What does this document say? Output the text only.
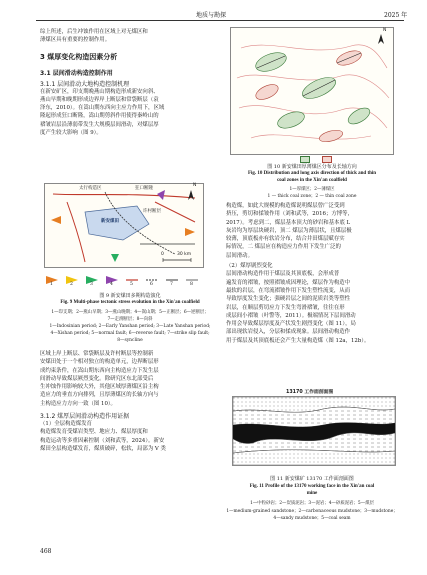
地质与勘探	2025 年
综上所述，后生冲蚀作用在区域上对无煤区和
薄煤区具有重要的控制作用。
3 煤厚变化构造因素分析
3.1 层间滑动构造控制作用
3.1.1 层间滑动大地构造控制机理
在新安矿区，印支期晚燕山期构造形成新安向斜、
燕山早期和晚期形成边界岸上断层和常袋断层（袁
泽东，2010）。在嵩山期东西向主应力作用下，区域
隆起形成狂口断隆，嵩山期剪斜作用使得秦岭山的
褶皱岩层沿薄弱带发生大规模层间滑动，对煤层厚
度产生较大影响（图 9）。
太行构造区	狂口断隆
许村断层
新安煤田
N
0	30 km
1	2	3	4	5	6	7	8
图 9 新安煤田多期构造演化
Fig. 9 Multi-phase tectonic stress evolution in the Xin'an coalfield
1—印支期；2—燕山早期；3—燕山晚期；4—嵩山期；5—正断层；6—逆断层；
7—走滑断层；8—向斜
1—Indosinian period; 2—Early Yanshan period; 3—Late Yanshan period;
4—Xishan period; 5—normal fault; 6—reverse fault; 7—strike slip fault;
8—syncline
区域上岸上断层、常袋断层及许村断层等控制新
安煤田处于一个相对独立的构造单元，边界断层形
成约束条件，在嵩山期东西向主构造应力下发生层
间滑动导致煤层厥烈变化。除研究区东北部受后
生冲蚀作用影响较大外，其他区域厚薄煤区沿主构
造应力的垂直方向排列，且厚薄煤区的长轴方向与
主构造应力方向一致（图 10）。
3.1.2 煤厚层间滑动构造作用证据
（1）全层构造煤发育
构造煤发育受煤岩类型、地应力、煤层厚度和
构造运动等多重因素控制（刘和武等，2024）。新安
煤田全层构造煤发育，煤质破碎，松软，局部为 V 类
468
N
图 10 新安煤田厚薄煤区分布及长轴方向
Fig. 10 Distribution and long axis direction of thick and thin
coal zones in the Xin'an coalfield
1—厚煤区；2—薄煤区
1 — thick coal zone；2 — thin coal zone
构造煤，如此大规模的构造煤说明煤层曾广泛受到
挤压，剪切和揉皱作用（刘和武等，2016；方博等，
2017）。考虑到二，煤层基本顶大的砂岩和基本底 L
灰岩均为厚层块硬岩，顶二 煤层为薄层状，且煤层极
较薄，顶底板亦有软岩分布，结合井田煤层赋存实
际情况，二 煤层应在构造应力作用下发生广泛的
层间滑动。
（2）煤厚剧烈变化
层间滑动构造作用于煤层及其顶底板，会形成普
遍发育的褶皱，按照褶皱成因理论，煤层作为构造中
最软的岩层，在弯流褶皱作用下发生塑性流变，从而
导致厚度发生变化；强硬岩层之间的泥质岩类等塑性
岩层，在顺层剪切应力下发生弯滑褶皱，往往在形
成层间小褶皱（叶警等，2011）。极端情况下层间滑动
作用会导致煤层厚度及产状发生剧烈变化（图 11），局
部出现软岩侵入，分层和揉成现象。层间滑动构造作
用于煤层及其顶底板还会产生大量构造煤（图 12a，12b）。
13170 工作面剖面图
图 11 新安煤矿 13170 工作面剖面图
Fig. 11 Profile of the 13170 working face in the Xin'an coal
mine
1—中粒砂岩；2—炭质泥岩；3—泥岩；4—砂质泥岩；5—煤层
1—medium-grained sandstone；2—carbonaceous mudstone；3—mudstone；
4—sandy mudstone；5—coal seam
